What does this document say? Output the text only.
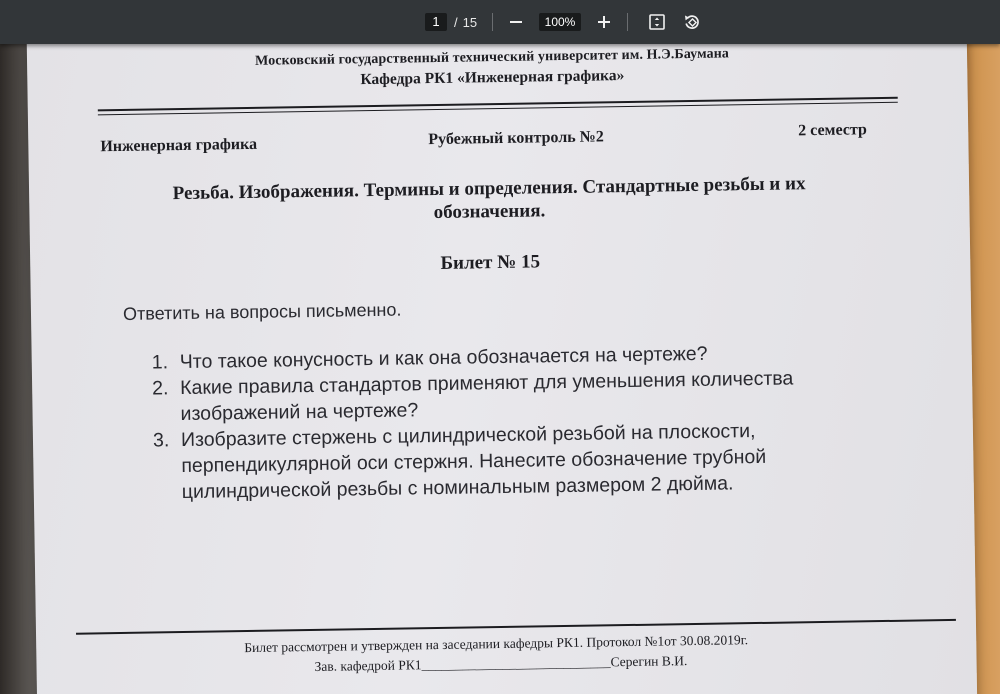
1	/ 15	100%
Московский государственный технический университет им. Н.Э.Баумана
Кафедра РК1 «Инженерная графика»
Инженерная графика	Рубежный контроль №2	2 семестр
Резьба. Изображения. Термины и определения. Стандартные резьбы и их
обозначения.
Билет № 15
Ответить на вопросы письменно.
1. Что такое конусность и как она обозначается на чертеже?
2. Какие правила стандартов применяют для уменьшения количества
изображений на чертеже?
3. Изобразите стержень с цилиндрической резьбой на плоскости,
перпендикулярной оси стержня. Нанесите обозначение трубной
цилиндрической резьбы с номинальным размером 2 дюйма.
Билет рассмотрен и утвержден на заседании кафедры РК1. Протокол №1от 30.08.2019г.
Зав. кафедрой РК1____________________________Серегин В.И.
